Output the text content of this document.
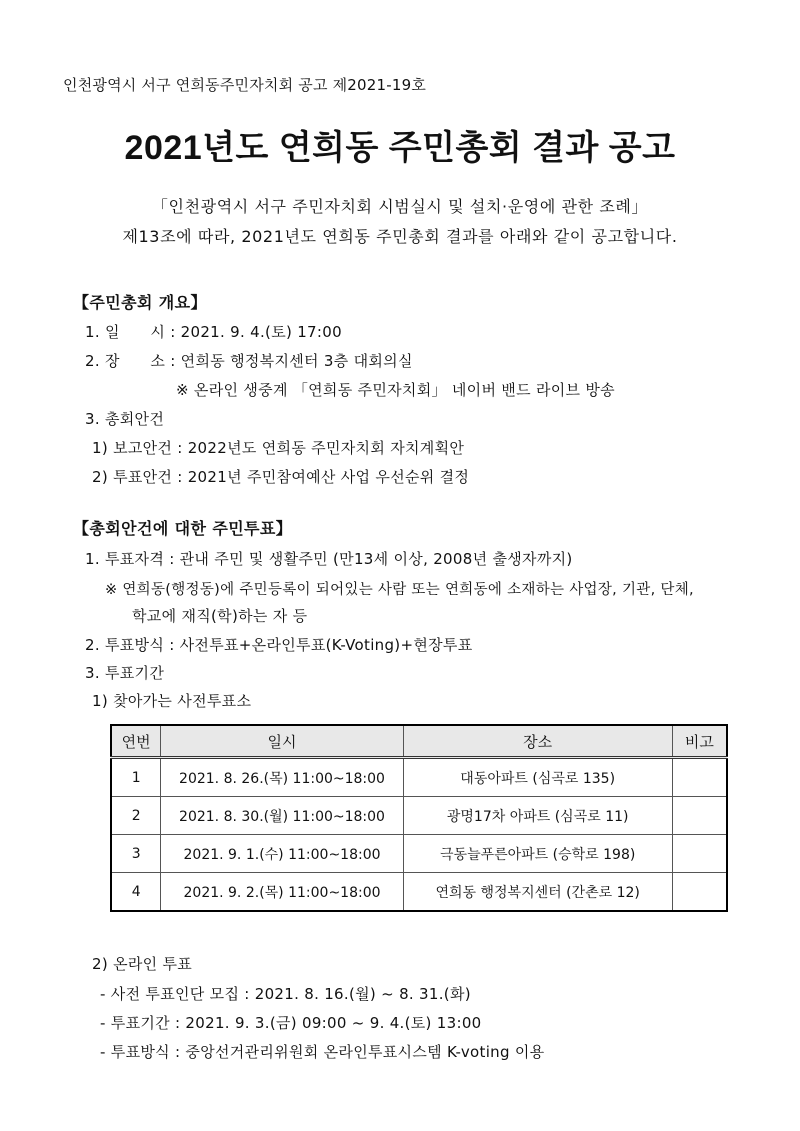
인천광역시 서구 연희동주민자치회 공고 제2021-19호
2021년도 연희동 주민총회 결과 공고
「인천광역시 서구 주민자치회 시범실시 및 설치·운영에 관한 조례」
제13조에 따라, 2021년도 연희동 주민총회 결과를 아래와 같이 공고합니다.
【주민총회 개요】
1. 일　　시 : 2021. 9. 4.(토) 17:00
2. 장　　소 : 연희동 행정복지센터 3층 대회의실
※ 온라인 생중계 「연희동 주민자치회」 네이버 밴드 라이브 방송
3. 총회안건
1) 보고안건 : 2022년도 연희동 주민자치회 자치계획안
2) 투표안건 : 2021년 주민참여예산 사업 우선순위 결정
【총회안건에 대한 주민투표】
1. 투표자격 : 관내 주민 및 생활주민 (만13세 이상, 2008년 출생자까지)
※ 연희동(행정동)에 주민등록이 되어있는 사람 또는 연희동에 소재하는 사업장, 기관, 단체,
학교에 재직(학)하는 자 등
2. 투표방식 : 사전투표+온라인투표(K-Voting)+현장투표
3. 투표기간
1) 찾아가는 사전투표소
연번	일시	장소	비고
1	2021. 8. 26.(목) 11:00~18:00	대동아파트 (심곡로 135)	
2	2021. 8. 30.(월) 11:00~18:00	광명17차 아파트 (심곡로 11)	
3	2021. 9. 1.(수) 11:00~18:00	극동늘푸른아파트 (승학로 198)	
4	2021. 9. 2.(목) 11:00~18:00	연희동 행정복지센터 (간촌로 12)	
2) 온라인 투표
- 사전 투표인단 모집 : 2021. 8. 16.(월) ~ 8. 31.(화)
- 투표기간 : 2021. 9. 3.(금) 09:00 ~ 9. 4.(토) 13:00
- 투표방식 : 중앙선거관리위원회 온라인투표시스템 K-voting 이용
